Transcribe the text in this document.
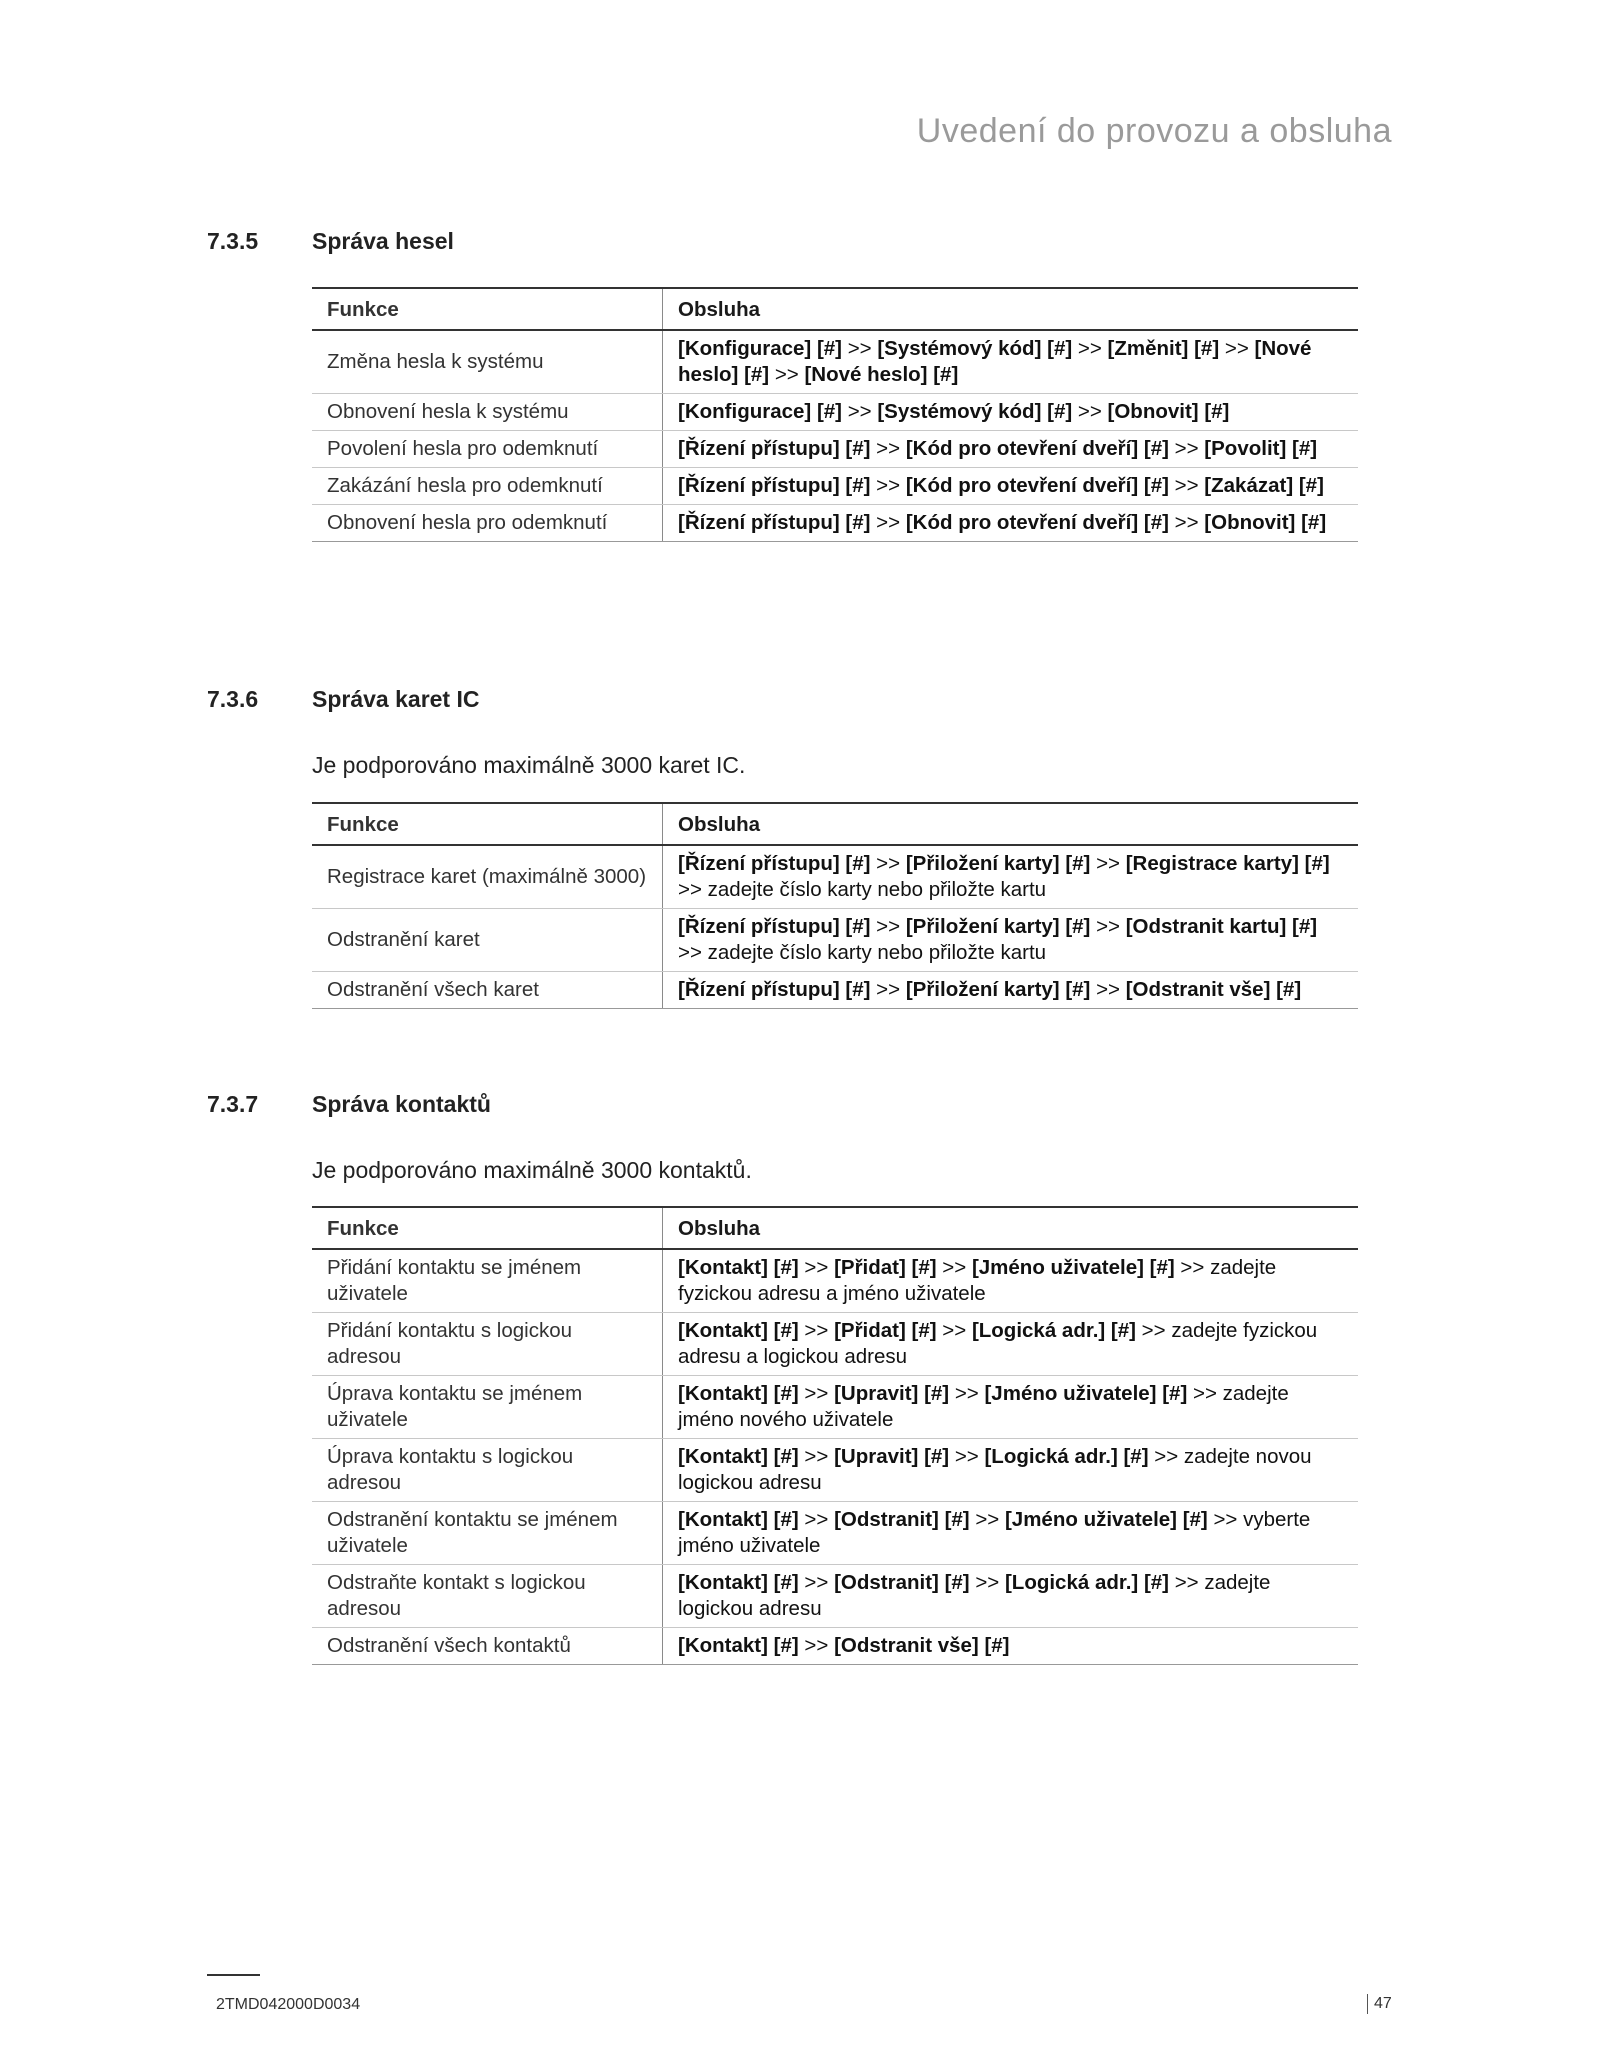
Uvedení do provozu a obsluha
7.3.5 Správa hesel
Funkce	Obsluha
Změna hesla k systému	[Konfigurace] [#] >> [Systémový kód] [#] >> [Změnit] [#] >> [Nové heslo] [#] >> [Nové heslo] [#]
Obnovení hesla k systému	[Konfigurace] [#] >> [Systémový kód] [#] >> [Obnovit] [#]
Povolení hesla pro odemknutí	[Řízení přístupu] [#] >> [Kód pro otevření dveří] [#] >> [Povolit] [#]
Zakázání hesla pro odemknutí	[Řízení přístupu] [#] >> [Kód pro otevření dveří] [#] >> [Zakázat] [#]
Obnovení hesla pro odemknutí	[Řízení přístupu] [#] >> [Kód pro otevření dveří] [#] >> [Obnovit] [#]
7.3.6 Správa karet IC
Je podporováno maximálně 3000 karet IC.
Funkce	Obsluha
Registrace karet (maximálně 3000)	[Řízení přístupu] [#] >> [Přiložení karty] [#] >> [Registrace karty] [#] >> zadejte číslo karty nebo přiložte kartu
Odstranění karet	[Řízení přístupu] [#] >> [Přiložení karty] [#] >> [Odstranit kartu] [#] >> zadejte číslo karty nebo přiložte kartu
Odstranění všech karet	[Řízení přístupu] [#] >> [Přiložení karty] [#] >> [Odstranit vše] [#]
7.3.7 Správa kontaktů
Je podporováno maximálně 3000 kontaktů.
Funkce	Obsluha
Přidání kontaktu se jménem uživatele	[Kontakt] [#] >> [Přidat] [#] >> [Jméno uživatele] [#] >> zadejte fyzickou adresu a jméno uživatele
Přidání kontaktu s logickou adresou	[Kontakt] [#] >> [Přidat] [#] >> [Logická adr.] [#] >> zadejte fyzickou adresu a logickou adresu
Úprava kontaktu se jménem uživatele	[Kontakt] [#] >> [Upravit] [#] >> [Jméno uživatele] [#] >> zadejte jméno nového uživatele
Úprava kontaktu s logickou adresou	[Kontakt] [#] >> [Upravit] [#] >> [Logická adr.] [#] >> zadejte novou logickou adresu
Odstranění kontaktu se jménem uživatele	[Kontakt] [#] >> [Odstranit] [#] >> [Jméno uživatele] [#] >> vyberte jméno uživatele
Odstraňte kontakt s logickou adresou	[Kontakt] [#] >> [Odstranit] [#] >> [Logická adr.] [#] >> zadejte logickou adresu
Odstranění všech kontaktů	[Kontakt] [#] >> [Odstranit vše] [#]
2TMD042000D0034	47
